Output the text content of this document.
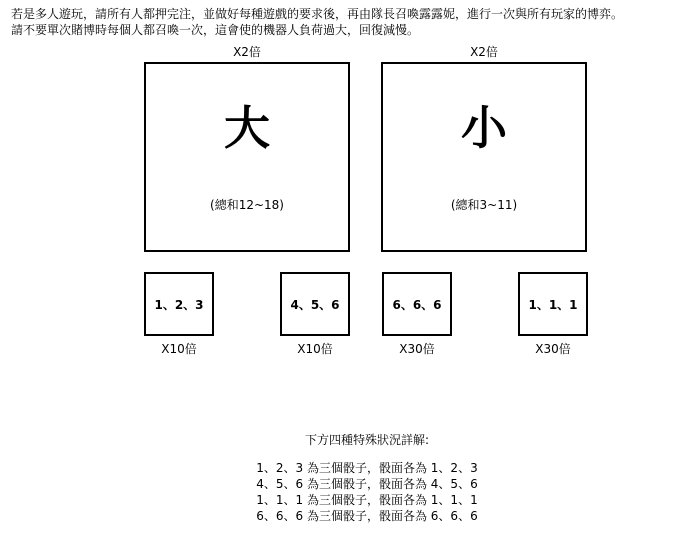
若是多人遊玩，請所有人都押完注，並做好每種遊戲的要求後，再由隊長召喚露露妮，進行一次與所有玩家的博弈。
請不要單次賭博時每個人都召喚一次，這會使的機器人負荷過大，回復減慢。
X2倍
大
(總和12~18)
X2倍
小
(總和3~11)
1、2、3
X10倍
4、5、6
X10倍
6、6、6
X30倍
1、1、1
X30倍
下方四種特殊狀況詳解:
1、2、3 為三個骰子，骰面各為 1、2、3
4、5、6 為三個骰子，骰面各為 4、5、6
1、1、1 為三個骰子，骰面各為 1、1、1
6、6、6 為三個骰子，骰面各為 6、6、6
